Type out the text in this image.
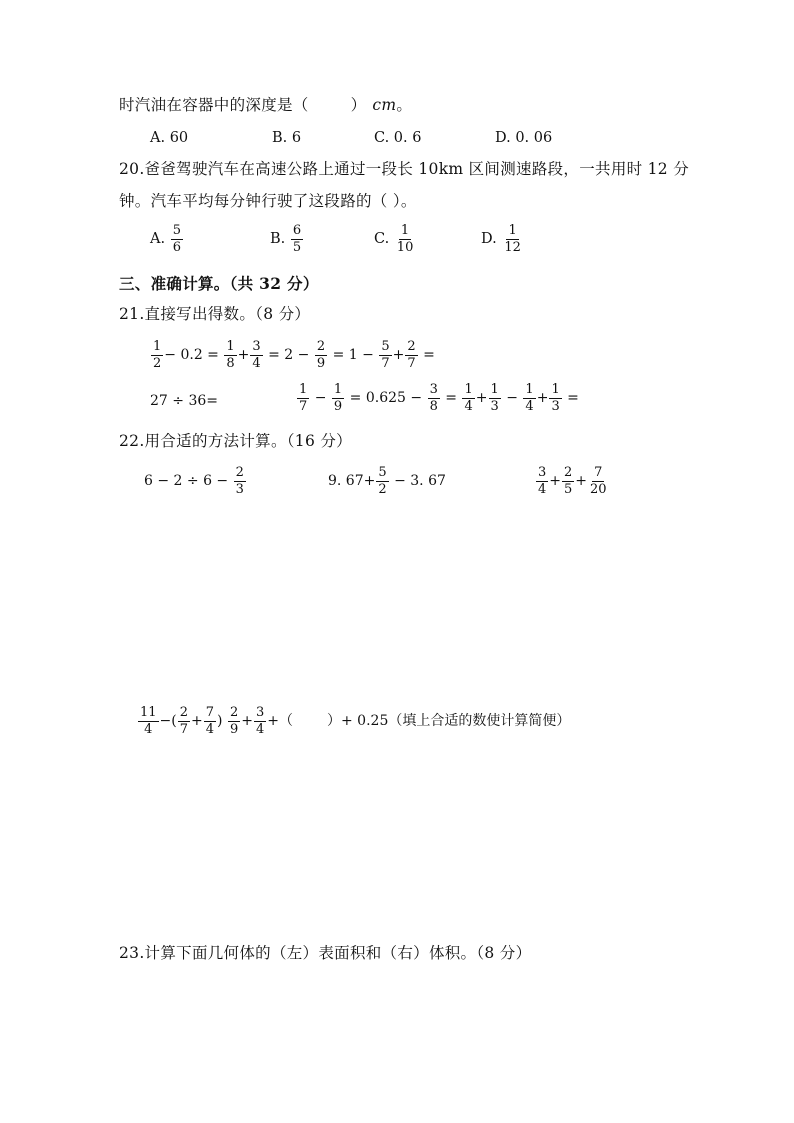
时汽油在容器中的深度是（	） cm。
A. 60	B. 6	C. 0. 6	D. 0. 06
20.爸爸驾驶汽车在高速公路上通过一段长 10km 区间测速路段，一共用时 12 分
钟。汽车平均每分钟行驶了这段路的（ ）。
A. $\frac{5}{6}$	B. $\frac{6}{5}$	C. $\frac{1}{10}$	D. $\frac{1}{12}$
三、准确计算。（共 32 分）
21.直接写出得数。（8 分）
$\frac{1}{2} - 0.2 = \frac{1}{8} + \frac{3}{4} = 2 - \frac{2}{9} = 1 - \frac{5}{7} + \frac{2}{7}$ =
27 ÷ 36=	$\frac{1}{7} - \frac{1}{9} = 0.625 - \frac{3}{8} = \frac{1}{4} + \frac{1}{3} - \frac{1}{4} + \frac{1}{3}$ =
22.用合适的方法计算。（16 分）
$6 - 2 \div 6 - \frac{2}{3}$	9. $67+ \frac{5}{2} - 3$. 67	$\frac{3}{4} + \frac{2}{5} + \frac{7}{20}$
$\frac{11}{4}$ −( $\frac{2}{7} + \frac{7}{4}$ ) $\frac{2}{9} + \frac{3}{4}$ +（ ）+ 0.25（填上合适的数使计算简便）
23.计算下面几何体的（左）表面积和（右）体积。（8 分）
